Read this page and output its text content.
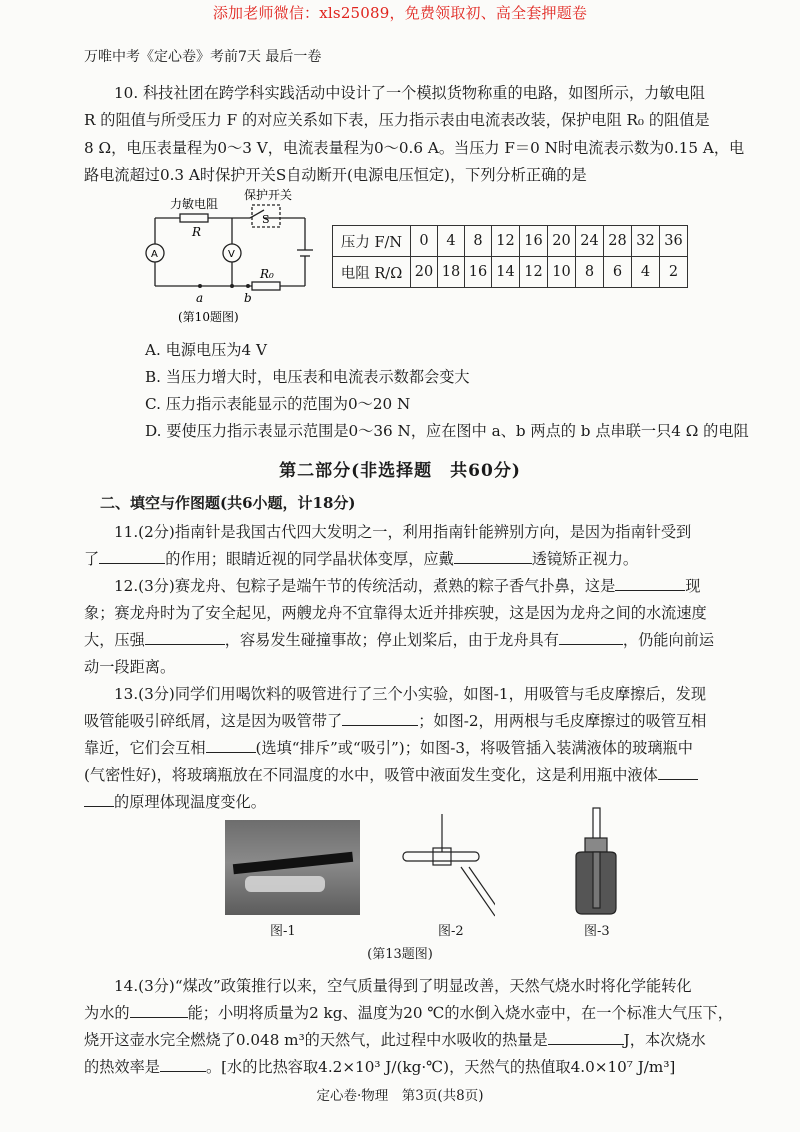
添加老师微信：xls25089，免费领取初、高全套押题卷
万唯中考《定心卷》考前7天 最后一卷
10. 科技社团在跨学科实践活动中设计了一个模拟货物称重的电路，如图所示，力敏电阻
R 的阻值与所受压力 F 的对应关系如下表，压力指示表由电流表改装，保护电阻 R₀ 的阻值是
8 Ω，电压表量程为0～3 V，电流表量程为0～0.6 A。当压力 F＝0 N时电流表示数为0.15 A，电
路电流超过0.3 A时保护开关S自动断开(电源电压恒定)，下列分析正确的是
力敏电阻
R
保护开关
S
A	V
R₀
a	b
(第10题图)
压力 F/N	0	4	8	12	16	20	24	28	32	36
电阻 R/Ω	20	18	16	14	12	10	8	6	4	2
A. 电源电压为4 V
B. 当压力增大时，电压表和电流表示数都会变大
C. 压力指示表能显示的范围为0～20 N
D. 要使压力指示表显示范围是0～36 N，应在图中 a、b 两点的 b 点串联一只4 Ω 的电阻
第二部分(非选择题　共60分)
二、填空与作图题(共6小题，计18分)
11.(2分)指南针是我国古代四大发明之一，利用指南针能辨别方向，是因为指南针受到
了	的作用；眼睛近视的同学晶状体变厚，应戴	透镜矫正视力。
12.(3分)赛龙舟、包粽子是端午节的传统活动，煮熟的粽子香气扑鼻，这是	现
象；赛龙舟时为了安全起见，两艘龙舟不宜靠得太近并排疾驶，这是因为龙舟之间的水流速度
大，压强	，容易发生碰撞事故；停止划桨后，由于龙舟具有	，仍能向前运
动一段距离。
13.(3分)同学们用喝饮料的吸管进行了三个小实验，如图-1，用吸管与毛皮摩擦后，发现
吸管能吸引碎纸屑，这是因为吸管带了	；如图-2，用两根与毛皮摩擦过的吸管互相
靠近，它们会互相	(选填“排斥”或“吸引”)；如图-3，将吸管插入装满液体的玻璃瓶中
(气密性好)，将玻璃瓶放在不同温度的水中，吸管中液面发生变化，这是利用瓶中液体
的原理体现温度变化。
图-1	图-2	图-3
(第13题图)
14.(3分)“煤改”政策推行以来，空气质量得到了明显改善，天然气烧水时将化学能转化
为水的	能；小明将质量为2 kg、温度为20 ℃的水倒入烧水壶中，在一个标准大气压下，
烧开这壶水完全燃烧了0.048 m³的天然气，此过程中水吸收的热量是	J，本次烧水
的热效率是	。[水的比热容取4.2×10³ J/(kg·℃)，天然气的热值取4.0×10⁷ J/m³]
定心卷·物理　第3页(共8页)
